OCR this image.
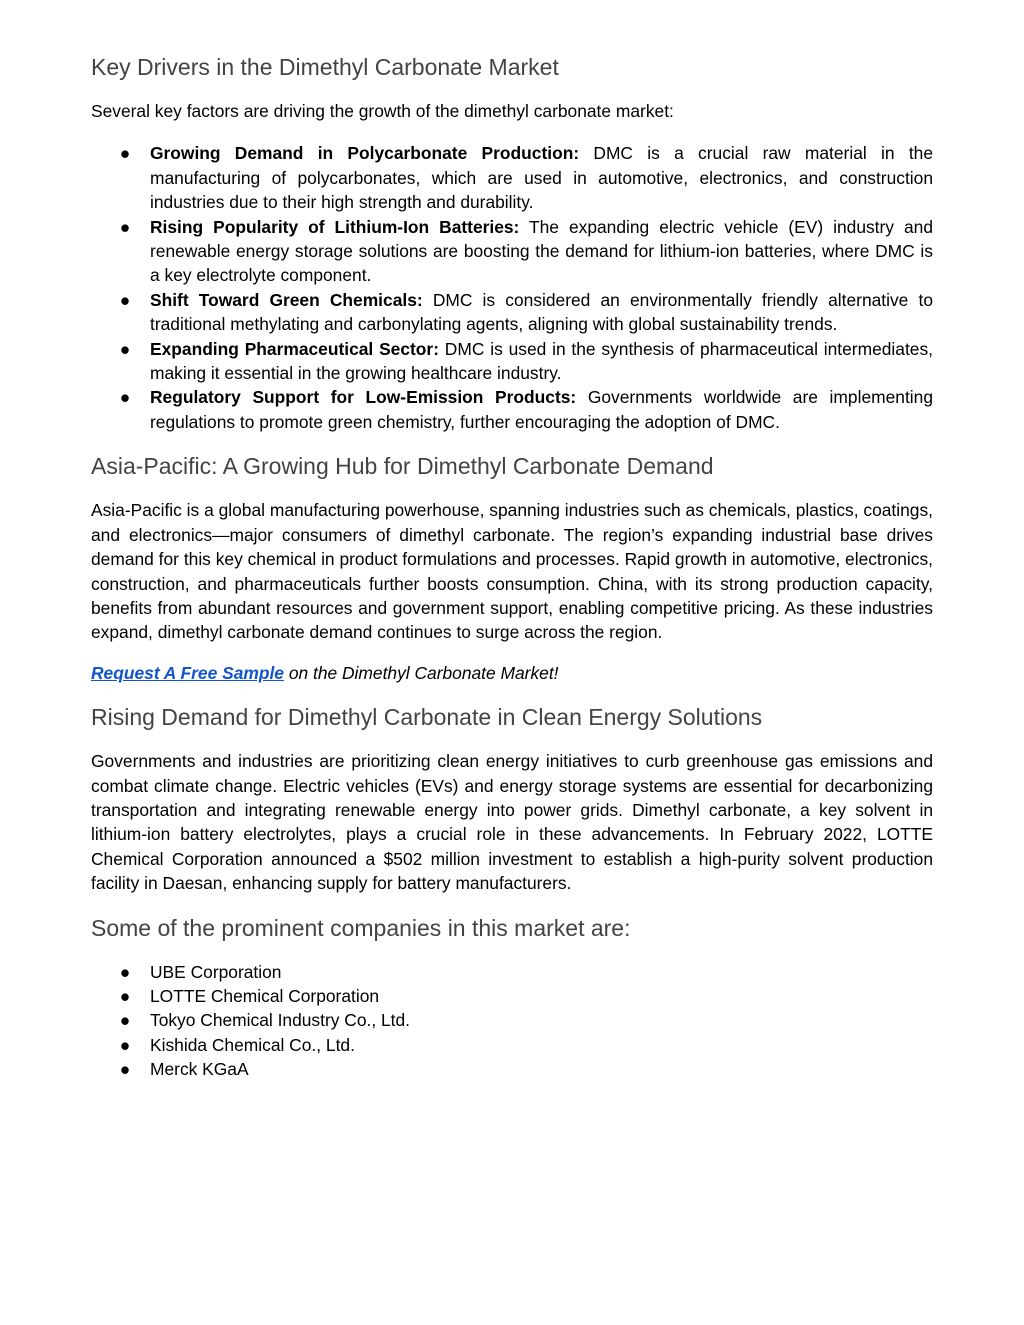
Key Drivers in the Dimethyl Carbonate Market

Several key factors are driving the growth of the dimethyl carbonate market:

● Growing Demand in Polycarbonate Production: DMC is a crucial raw material in the manufacturing of polycarbonates, which are used in automotive, electronics, and construction industries due to their high strength and durability.
● Rising Popularity of Lithium-Ion Batteries: The expanding electric vehicle (EV) industry and renewable energy storage solutions are boosting the demand for lithium-ion batteries, where DMC is a key electrolyte component.
● Shift Toward Green Chemicals: DMC is considered an environmentally friendly alternative to traditional methylating and carbonylating agents, aligning with global sustainability trends.
● Expanding Pharmaceutical Sector: DMC is used in the synthesis of pharmaceutical intermediates, making it essential in the growing healthcare industry.
● Regulatory Support for Low-Emission Products: Governments worldwide are implementing regulations to promote green chemistry, further encouraging the adoption of DMC.
Asia-Pacific: A Growing Hub for Dimethyl Carbonate Demand

Asia-Pacific is a global manufacturing powerhouse, spanning industries such as chemicals, plastics, coatings, and electronics—major consumers of dimethyl carbonate. The region’s expanding industrial base drives demand for this key chemical in product formulations and processes. Rapid growth in automotive, electronics, construction, and pharmaceuticals further boosts consumption. China, with its strong production capacity, benefits from abundant resources and government support, enabling competitive pricing. As these industries expand, dimethyl carbonate demand continues to surge across the region.

Request A Free Sample on the Dimethyl Carbonate Market!

Rising Demand for Dimethyl Carbonate in Clean Energy Solutions

Governments and industries are prioritizing clean energy initiatives to curb greenhouse gas emissions and combat climate change. Electric vehicles (EVs) and energy storage systems are essential for decarbonizing transportation and integrating renewable energy into power grids. Dimethyl carbonate, a key solvent in lithium-ion battery electrolytes, plays a crucial role in these advancements. In February 2022, LOTTE Chemical Corporation announced a $502 million investment to establish a high-purity solvent production facility in Daesan, enhancing supply for battery manufacturers.

Some of the prominent companies in this market are:
● UBE Corporation
● LOTTE Chemical Corporation
● Tokyo Chemical Industry Co., Ltd.
● Kishida Chemical Co., Ltd.
● Merck KGaA
